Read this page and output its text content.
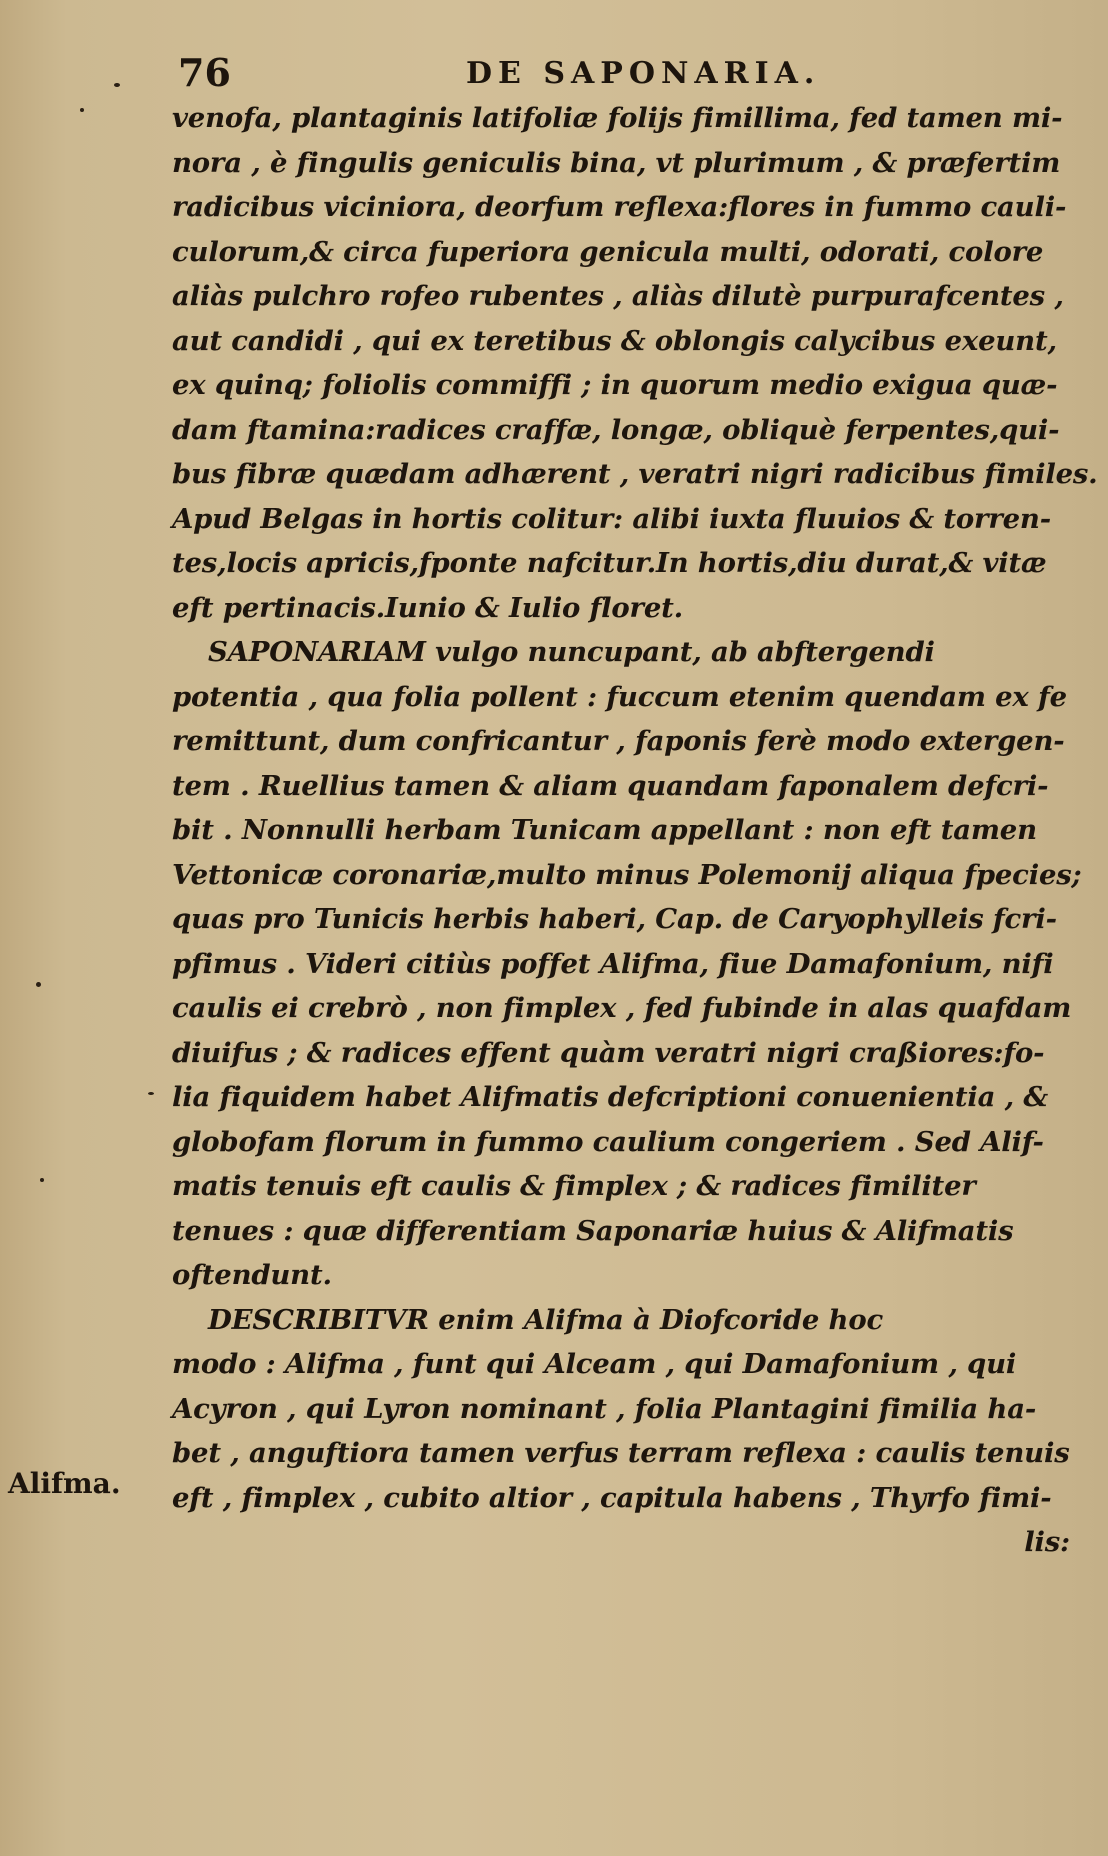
76	DE SAPONARIA.
Alifma.
venofa, plantaginis latifoliæ folijs fimillima, fed tamen mi-
nora , è fingulis geniculis bina, vt plurimum , & præfertim
radicibus viciniora, deorfum reflexa:flores in fummo cauli-
culorum,& circa fuperiora genicula multi, odorati, colore
aliàs pulchro rofeo rubentes , aliàs dilutè purpurafcentes ,
aut candidi , qui ex teretibus & oblongis calycibus exeunt,
ex quinq; foliolis commiffi ; in quorum medio exigua quæ-
dam ftamina:radices craffæ, longæ, obliquè ferpentes,qui-
bus fibræ quædam adhærent , veratri nigri radicibus fimiles.
Apud Belgas in hortis colitur: alibi iuxta fluuios & torren-
tes,locis apricis,fponte nafcitur.In hortis,diu durat,& vitæ
eft pertinacis.Iunio & Iulio floret.
SAPONARIAM vulgo nuncupant, ab abftergendi
potentia , qua folia pollent : fuccum etenim quendam ex fe
remittunt, dum confricantur , faponis ferè modo extergen-
tem . Ruellius tamen & aliam quandam faponalem defcri-
bit . Nonnulli herbam Tunicam appellant : non eft tamen
Vettonicæ coronariæ,multo minus Polemonij aliqua fpecies;
quas pro Tunicis herbis haberi, Cap. de Caryophylleis fcri-
pfimus . Videri citiùs poffet Alifma, fiue Damafonium, nifi
caulis ei crebrò , non fimplex , fed fubinde in alas quafdam
diuifus ; & radices effent quàm veratri nigri craßiores:fo-
lia fiquidem habet Alifmatis defcriptioni conuenientia , &
globofam florum in fummo caulium congeriem . Sed Alif-
matis tenuis eft caulis & fimplex ; & radices fimiliter
tenues : quæ differentiam Saponariæ huius & Alifmatis
oftendunt.
DESCRIBITVR enim Alifma à Diofcoride hoc
modo : Alifma , funt qui Alceam , qui Damafonium , qui
Acyron , qui Lyron nominant , folia Plantagini fimilia ha-
bet , anguftiora tamen verfus terram reflexa : caulis tenuis
eft , fimplex , cubito altior , capitula habens , Thyrfo fimi-
lis:
